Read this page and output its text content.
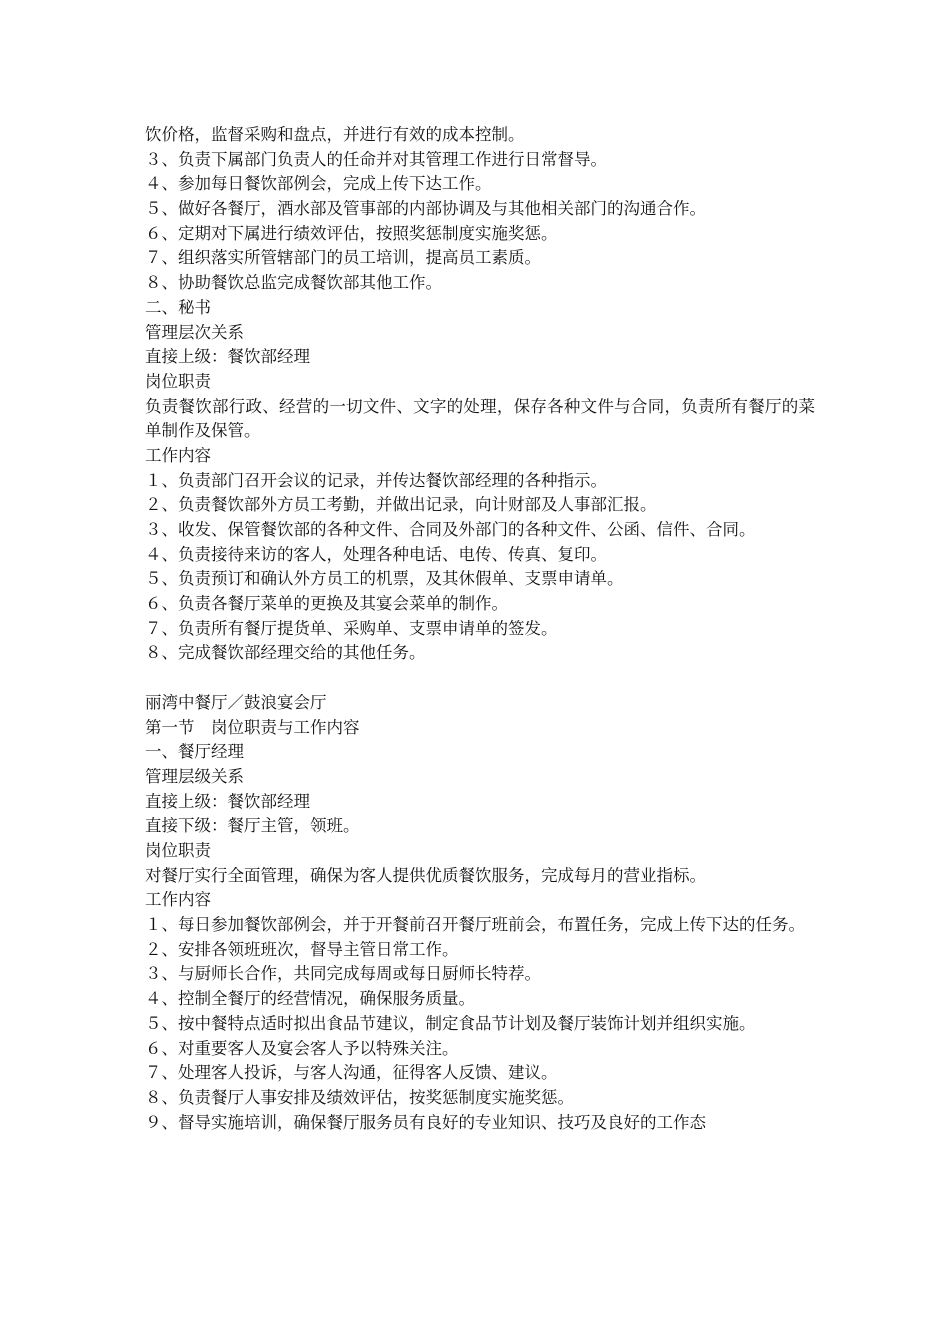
饮价格，监督采购和盘点，并进行有效的成本控制。
３、负责下属部门负责人的任命并对其管理工作进行日常督导。
４、参加每日餐饮部例会，完成上传下达工作。
５、做好各餐厅，酒水部及管事部的内部协调及与其他相关部门的沟通合作。
６、定期对下属进行绩效评估，按照奖惩制度实施奖惩。
７、组织落实所管辖部门的员工培训，提高员工素质。
８、协助餐饮总监完成餐饮部其他工作。
二、秘书
管理层次关系
直接上级：餐饮部经理
岗位职责
负责餐饮部行政、经营的一切文件、文字的处理，保存各种文件与合同，负责所有餐厅的菜单制作及保管。
工作内容
１、负责部门召开会议的记录，并传达餐饮部经理的各种指示。
２、负责餐饮部外方员工考勤，并做出记录，向计财部及人事部汇报。
３、收发、保管餐饮部的各种文件、合同及外部门的各种文件、公函、信件、合同。
４、负责接待来访的客人，处理各种电话、电传、传真、复印。
５、负责预订和确认外方员工的机票，及其休假单、支票申请单。
６、负责各餐厅菜单的更换及其宴会菜单的制作。
７、负责所有餐厅提货单、采购单、支票申请单的签发。
８、完成餐饮部经理交给的其他任务。
丽湾中餐厅／鼓浪宴会厅
第一节　岗位职责与工作内容
一、餐厅经理
管理层级关系
直接上级：餐饮部经理
直接下级：餐厅主管，领班。
岗位职责
对餐厅实行全面管理，确保为客人提供优质餐饮服务，完成每月的营业指标。
工作内容
１、每日参加餐饮部例会，并于开餐前召开餐厅班前会，布置任务，完成上传下达的任务。
２、安排各领班班次，督导主管日常工作。
３、与厨师长合作，共同完成每周或每日厨师长特荐。
４、控制全餐厅的经营情况，确保服务质量。
５、按中餐特点适时拟出食品节建议，制定食品节计划及餐厅装饰计划并组织实施。
６、对重要客人及宴会客人予以特殊关注。
７、处理客人投诉，与客人沟通，征得客人反馈、建议。
８、负责餐厅人事安排及绩效评估，按奖惩制度实施奖惩。
９、督导实施培训，确保餐厅服务员有良好的专业知识、技巧及良好的工作态
